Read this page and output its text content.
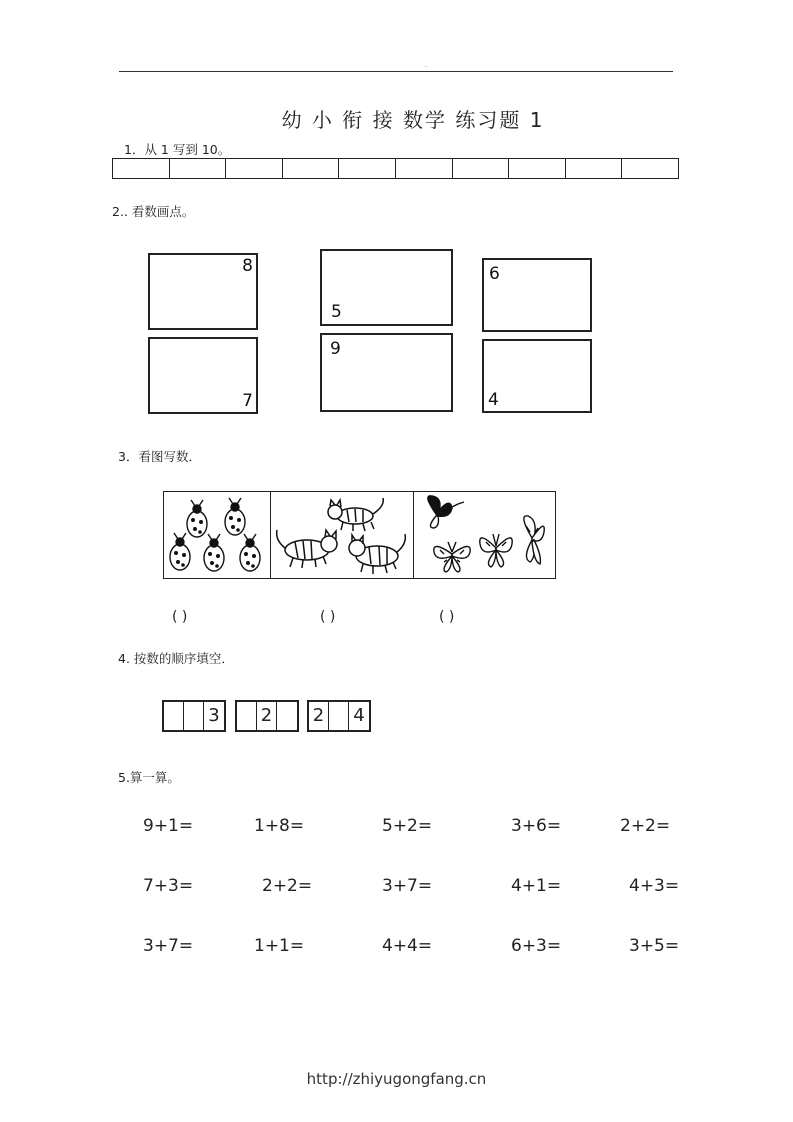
.
幼 小 衔 接 数学 练习题 1
1．从 1 写到 10。
2.. 看数画点。
8
5
6
7
9
4
3．看图写数．
( )	( )	( )
4. 按数的顺序填空．
3 2 2 4
5.算一算。
9+1=	1+8=	5+2=	3+6=	2+2=
7+3=	2+2=	3+7=	4+1=	4+3=
3+7=	1+1=	4+4=	6+3=	3+5=
http://zhiyugongfang.cn
